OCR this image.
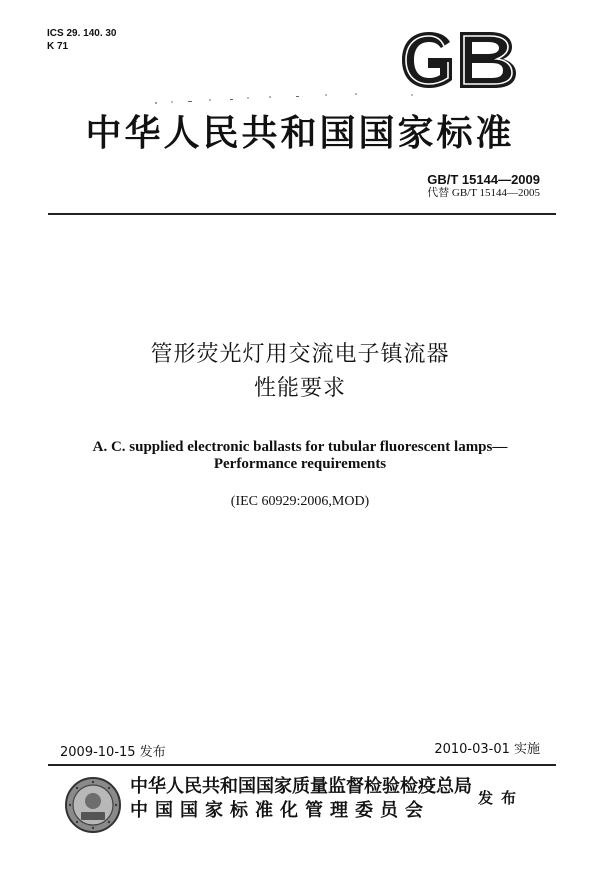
ICS 29. 140. 30
K 71
中华人民共和国国家标准
GB/T 15144—2009
代替 GB/T 15144—2005
管形荧光灯用交流电子镇流器
性能要求
A. C. supplied electronic ballasts for tubular fluorescent lamps—
Performance requirements
(IEC 60929:2006,MOD)
2009-10-15 发布	2010-03-01 实施
中华人民共和国国家质量监督检验检疫总局
中国国家标准化管理委员会
发布
